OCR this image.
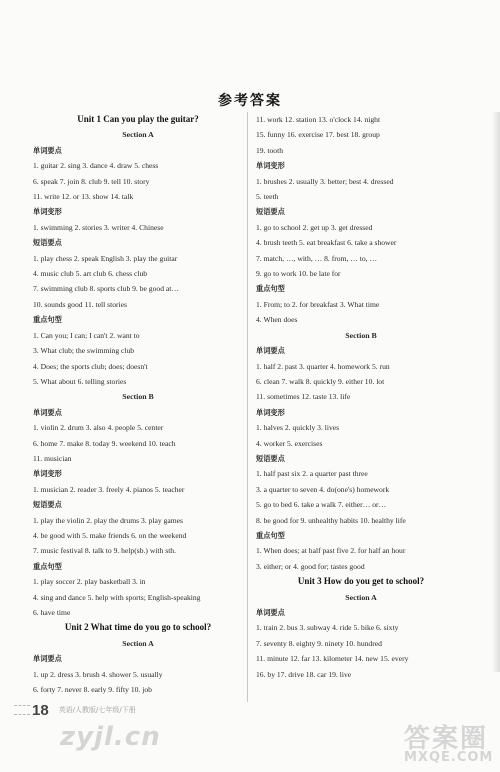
参考答案
Unit 1 Can you play the guitar?
Section A
单词要点
1. guitar 2. sing 3. dance 4. draw 5. chess
6. speak 7. join 8. club 9. tell 10. story
11. write 12. or 13. show 14. talk
单词变形
1. swimming 2. stories 3. writer 4. Chinese
短语要点
1. play chess 2. speak English 3. play the guitar
4. music club 5. art club 6. chess club
7. swimming club 8. sports club 9. be good at…
10. sounds good 11. tell stories
重点句型
1. Can you; I can; I can't 2. want to
3. What club; the swimming club
4. Does; the sports club; does; doesn't
5. What about 6. telling stories
Section B
单词要点
1. violin 2. drum 3. also 4. people 5. center
6. home 7. make 8. today 9. weekend 10. teach
11. musician
单词变形
1. musician 2. reader 3. freely 4. pianos 5. teacher
短语要点
1. play the violin 2. play the drums 3. play games
4. be good with 5. make friends 6. on the weekend
7. music festival 8. talk to 9. help(sb.) with sth.
重点句型
1. play soccer 2. play basketball 3. in
4. sing and dance 5. help with sports; English-speaking
6. have time
Unit 2 What time do you go to school?
Section A
单词要点
1. up 2. dress 3. brush 4. shower 5. usually
6. forty 7. never 8. early 9. fifty 10. job
11. work 12. station 13. o'clock 14. night
15. funny 16. exercise 17. best 18. group
19. tooth
单词变形
1. brushes 2. usually 3. better; best 4. dressed
5. teeth
短语要点
1. go to school 2. get up 3. get dressed
4. brush teeth 5. eat breakfast 6. take a shower
7. match, …, with, … 8. from, … to, …
9. go to work 10. be late for
重点句型
1. From; to 2. for breakfast 3. What time
4. When does
Section B
单词要点
1. half 2. past 3. quarter 4. homework 5. run
6. clean 7. walk 8. quickly 9. either 10. lot
11. sometimes 12. taste 13. life
单词变形
1. halves 2. quickly 3. lives
4. worker 5. exercises
短语要点
1. half past six 2. a quarter past three
3. a quarter to seven 4. do(one's) homework
5. go to bed 6. take a walk 7. either… or…
8. be good for 9. unhealthy habits 10. healthy life
重点句型
1. When does; at half past five 2. for half an hour
3. either; or 4. good for; tastes good
Unit 3 How do you get to school?
Section A
单词要点
1. train 2. bus 3. subway 4. ride 5. bike 6. sixty
7. seventy 8. eighty 9. ninety 10. hundred
11. minute 12. far 13. kilometer 14. new 15. every
16. by 17. drive 18. car 19. live
18 英语/人教版/七年级/下册
zyjl.cn	答案圈
MXQE.COM
